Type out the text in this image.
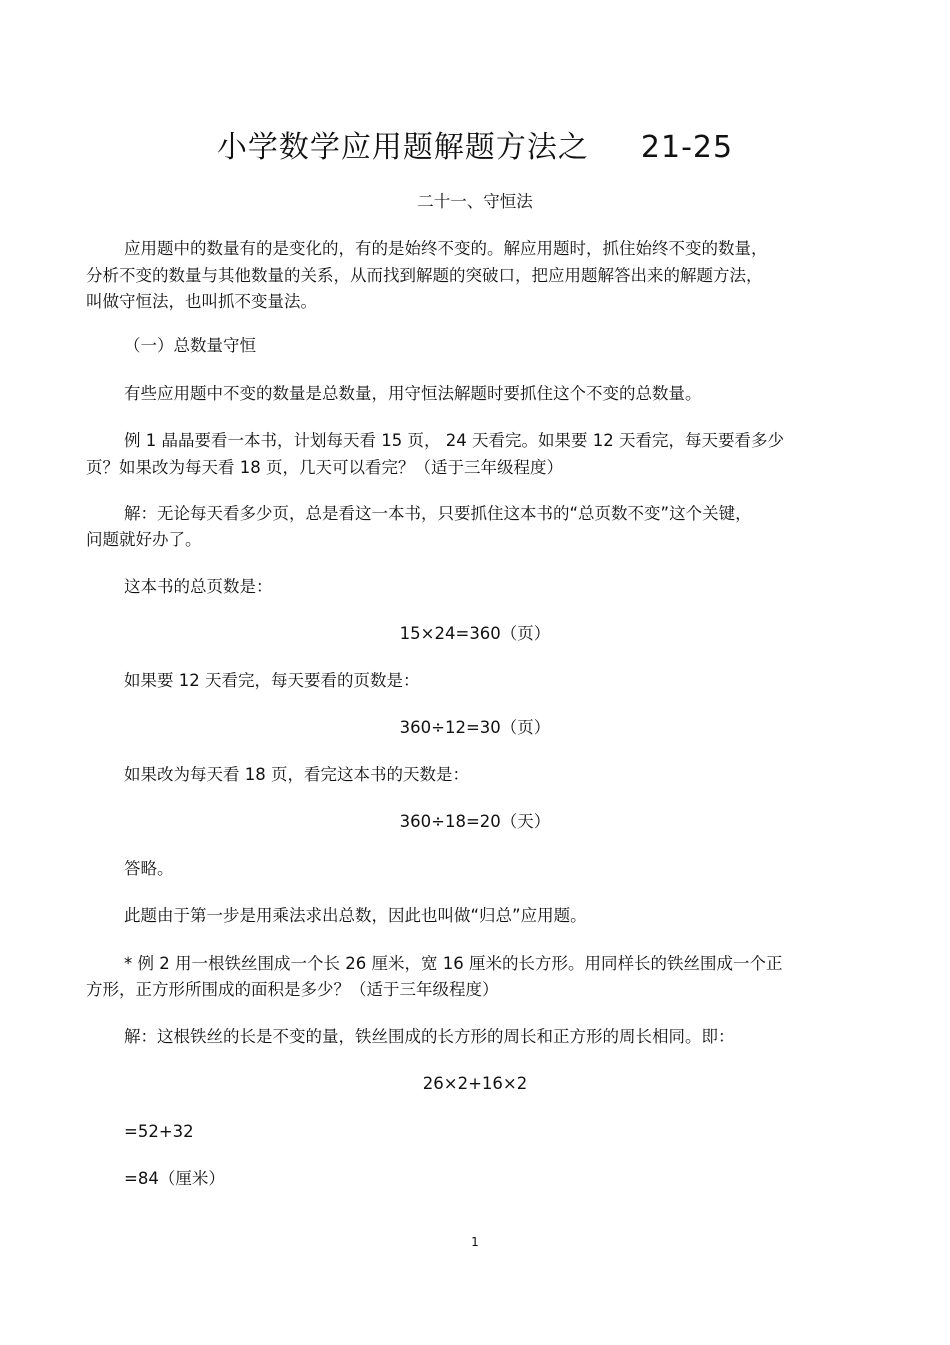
小学数学应用题解题方法之 21-25
二十一、守恒法
应用题中的数量有的是变化的，有的是始终不变的。解应用题时，抓住始终不变的数量，
分析不变的数量与其他数量的关系，从而找到解题的突破口，把应用题解答出来的解题方法，
叫做守恒法，也叫抓不变量法。
（一）总数量守恒
有些应用题中不变的数量是总数量，用守恒法解题时要抓住这个不变的总数量。
例 1 晶晶要看一本书，计划每天看 15 页， 24 天看完。如果要 12 天看完，每天要看多少
页？如果改为每天看 18 页，几天可以看完？（适于三年级程度）
解：无论每天看多少页，总是看这一本书，只要抓住这本书的“总页数不变”这个关键，
问题就好办了。
这本书的总页数是：
15×24=360（页）
如果要 12 天看完，每天要看的页数是：
360÷12=30（页）
如果改为每天看 18 页，看完这本书的天数是：
360÷18=20（天）
答略。
此题由于第一步是用乘法求出总数，因此也叫做“归总”应用题。
* 例 2 用一根铁丝围成一个长 26 厘米，宽 16 厘米的长方形。用同样长的铁丝围成一个正
方形，正方形所围成的面积是多少？（适于三年级程度）
解：这根铁丝的长是不变的量，铁丝围成的长方形的周长和正方形的周长相同。即：
26×2+16×2
=52+32
=84（厘米）
1
